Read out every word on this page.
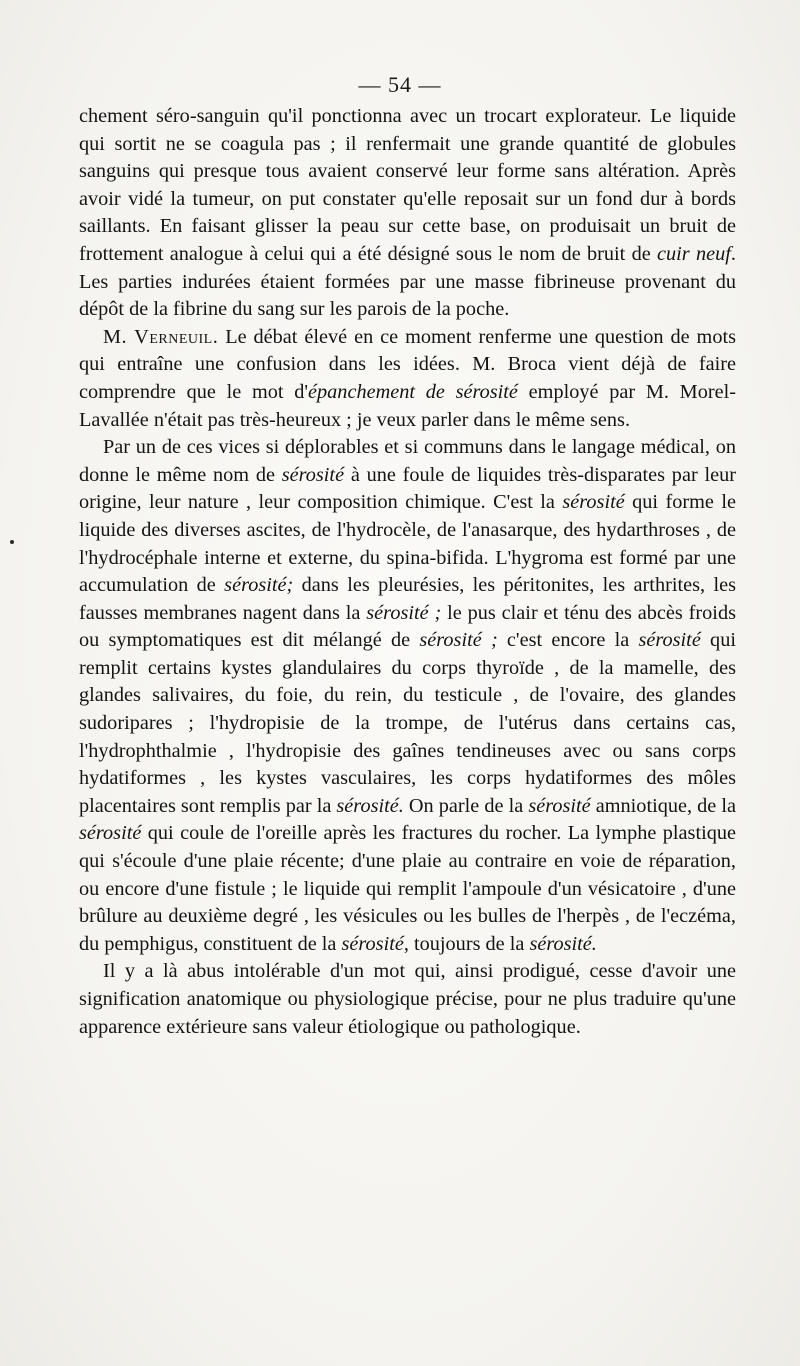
— 54 —

chement séro-sanguin qu'il ponctionna avec un trocart explorateur. Le liquide qui sortit ne se coagula pas ; il renfermait une grande quantité de globules sanguins qui presque tous avaient conservé leur forme sans altération. Après avoir vidé la tumeur, on put constater qu'elle reposait sur un fond dur à bords saillants. En faisant glisser la peau sur cette base, on produisait un bruit de frottement analogue à celui qui a été désigné sous le nom de bruit de cuir neuf. Les parties indurées étaient formées par une masse fibrineuse provenant du dépôt de la fibrine du sang sur les parois de la poche.

M. Verneuil. Le débat élevé en ce moment renferme une question de mots qui entraîne une confusion dans les idées. M. Broca vient déjà de faire comprendre que le mot d'épanchement de sérosité employé par M. Morel-Lavallée n'était pas très-heureux ; je veux parler dans le même sens.

Par un de ces vices si déplorables et si communs dans le langage médical, on donne le même nom de sérosité à une foule de liquides très-disparates par leur origine, leur nature , leur composition chimique. C'est la sérosité qui forme le liquide des diverses ascites, de l'hydrocèle, de l'anasarque, des hydarthroses , de l'hydrocéphale interne et externe, du spina-bifida. L'hygroma est formé par une accumulation de sérosité; dans les pleurésies, les péritonites, les arthrites, les fausses membranes nagent dans la sérosité ; le pus clair et ténu des abcès froids ou symptomatiques est dit mélangé de sérosité ; c'est encore la sérosité qui remplit certains kystes glandulaires du corps thyroïde , de la mamelle, des glandes salivaires, du foie, du rein, du testicule , de l'ovaire, des glandes sudoripares ; l'hydropisie de la trompe, de l'utérus dans certains cas, l'hydrophthalmie , l'hydropisie des gaînes tendineuses avec ou sans corps hydatiformes , les kystes vasculaires, les corps hydatiformes des môles placentaires sont remplis par la sérosité. On parle de la sérosité amniotique, de la sérosité qui coule de l'oreille après les fractures du rocher. La lymphe plastique qui s'écoule d'une plaie récente; d'une plaie au contraire en voie de réparation, ou encore d'une fistule ; le liquide qui remplit l'ampoule d'un vésicatoire , d'une brûlure au deuxième degré , les vésicules ou les bulles de l'herpès , de l'eczéma, du pemphigus, constituent de la sérosité, toujours de la sérosité.

Il y a là abus intolérable d'un mot qui, ainsi prodigué, cesse d'avoir une signification anatomique ou physiologique précise, pour ne plus traduire qu'une apparence extérieure sans valeur étiologique ou pathologique.
